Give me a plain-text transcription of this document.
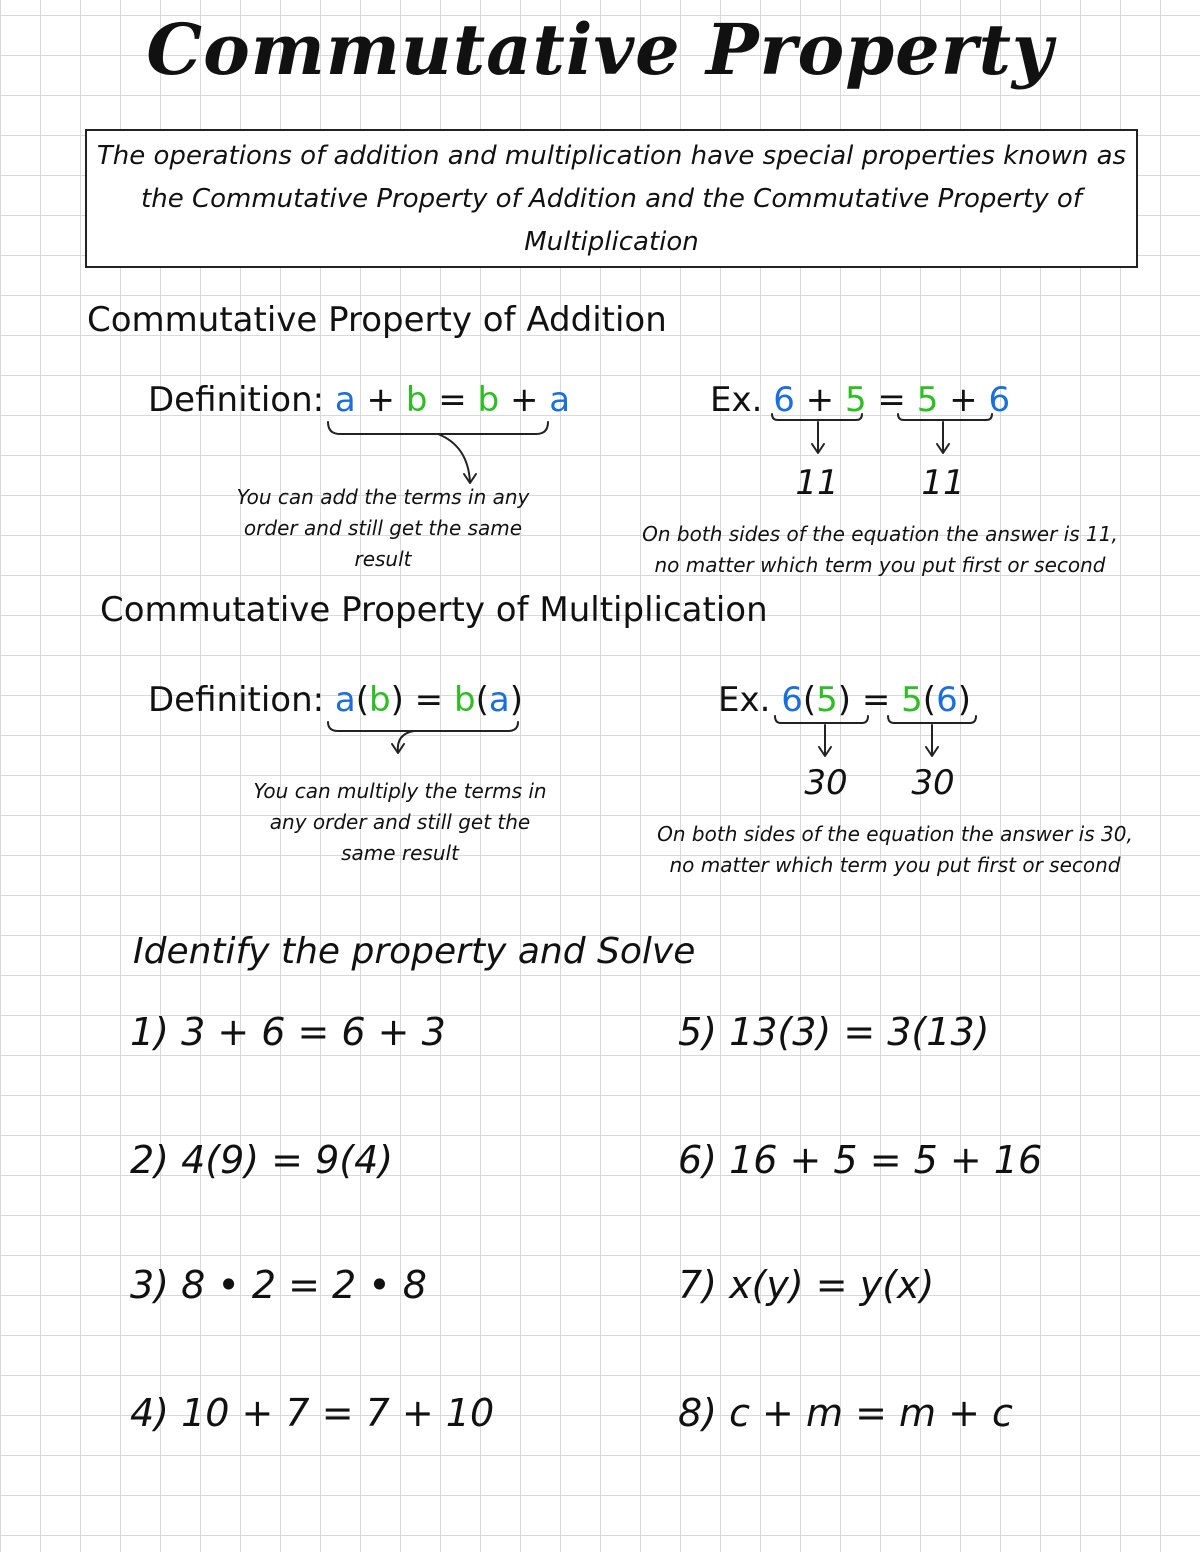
Commutative Property
The operations of addition and multiplication have special properties known as the Commutative Property of Addition and the Commutative Property of Multiplication
Commutative Property of Addition
Definition: a + b = b + a
You can add the terms in any order and still get the same result
Ex. 6 + 5 = 5 + 6
11	11
On both sides of the equation the answer is 11, no matter which term you put first or second
Commutative Property of Multiplication
Definition: a(b) = b(a)
You can multiply the terms in any order and still get the same result
Ex. 6(5) = 5(6)
30	30
On both sides of the equation the answer is 30, no matter which term you put first or second
Identify the property and Solve
1) 3 + 6 = 6 + 3
2) 4(9) = 9(4)
3) 8 • 2 = 2 • 8
4) 10 + 7 = 7 + 10
5) 13(3) = 3(13)
6) 16 + 5 = 5 + 16
7) x(y) = y(x)
8) c + m = m + c
